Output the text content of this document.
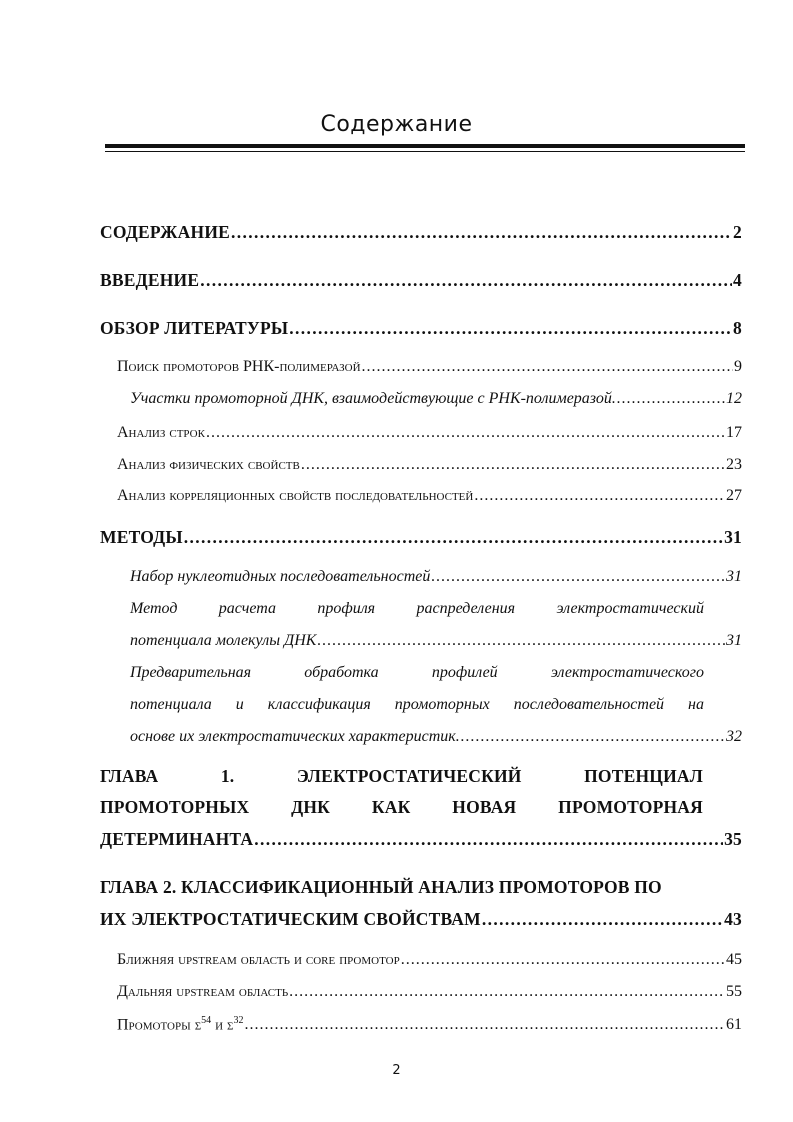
Содержание
СОДЕРЖАНИЕ . . .	2
ВВЕДЕНИЕ . . .	4
ОБЗОР ЛИТЕРАТУРЫ . . .	8
Поиск промоторов РНК-полимеразой . . .	9
Участки промоторной ДНК, взаимодействующие с РНК-полимеразой. . . .	12
Анализ строк . . .	17
Анализ физических свойств . . .	23
Анализ корреляционных свойств последовательностей . . .	27
МЕТОДЫ . . .	31
Набор нуклеотидных последовательностей . . .	31
Метод	расчета	профиля	распределения	электростатический
потенциала молекулы ДНК . . .	31
Предварительная	обработка	профилей	электростатического
потенциала и классификация промоторных последовательностей на
основе их электростатических характеристик. . . .	32
ГЛАВА	1.	ЭЛЕКТРОСТАТИЧЕСКИЙ	ПОТЕНЦИАЛ
ПРОМОТОРНЫХ ДНК КАК НОВАЯ ПРОМОТОРНАЯ
ДЕТЕРМИНАНТА . . .	35
ГЛАВА 2. КЛАССИФИКАЦИОННЫЙ АНАЛИЗ ПРОМОТОРОВ ПО
ИХ ЭЛЕКТРОСТАТИЧЕСКИМ СВОЙСТВАМ . . .	43
Ближняя upstream область и core промотор . . .	45
Дальняя upstream область . . .	55
Промоторы $\sigma^{54}$ и $\sigma^{32}$ . . .	61
2
